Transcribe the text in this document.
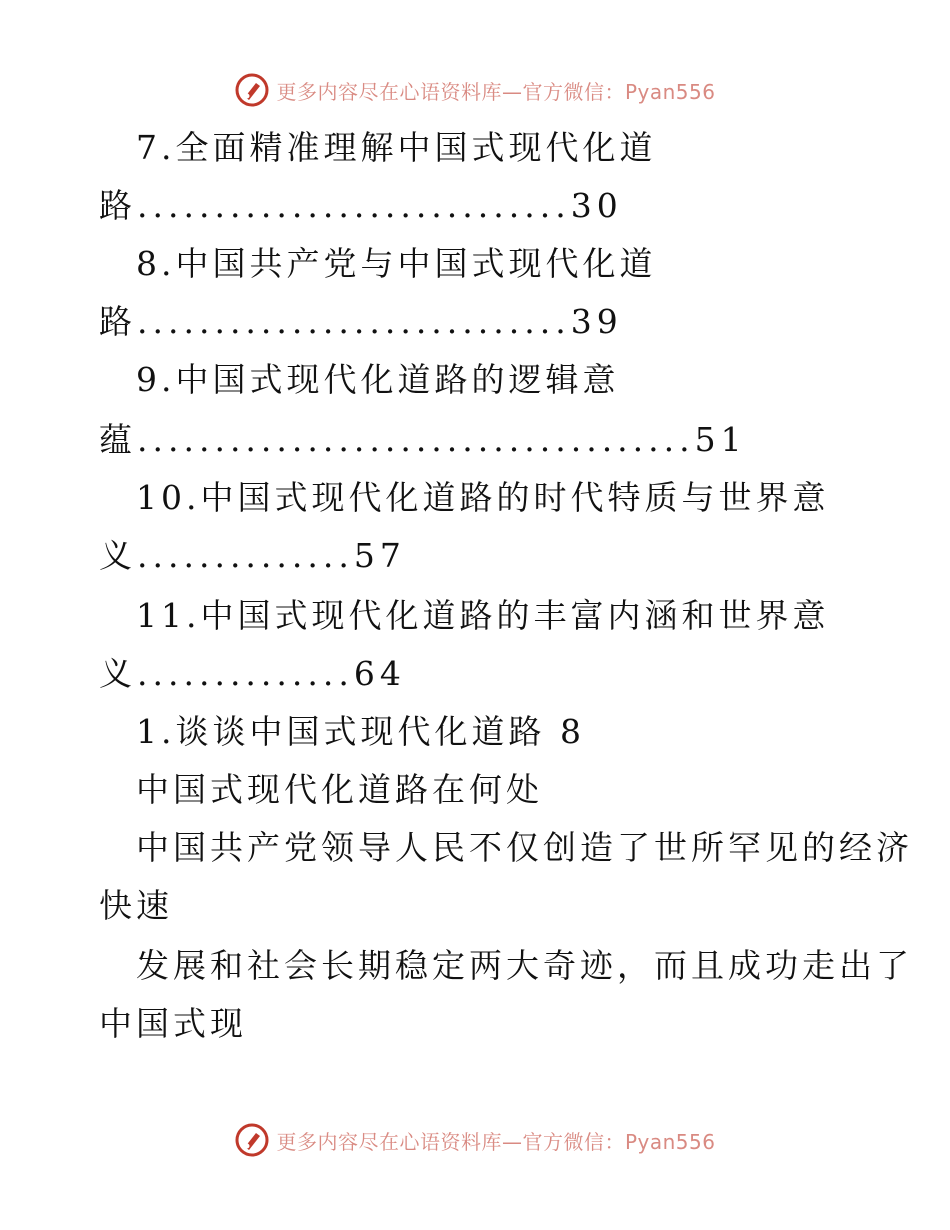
更多内容尽在心语资料库—官方微信：Pyan556
7.全面精准理解中国式现代化道
路............................30
8.中国共产党与中国式现代化道
路............................39
9.中国式现代化道路的逻辑意
蕴....................................51
10.中国式现代化道路的时代特质与世界意
义..............57
11.中国式现代化道路的丰富内涵和世界意
义..............64
1.谈谈中国式现代化道路 8
中国式现代化道路在何处
中国共产党领导人民不仅创造了世所罕见的经济
快速
发展和社会长期稳定两大奇迹，而且成功走出了
中国式现
更多内容尽在心语资料库—官方微信：Pyan556
